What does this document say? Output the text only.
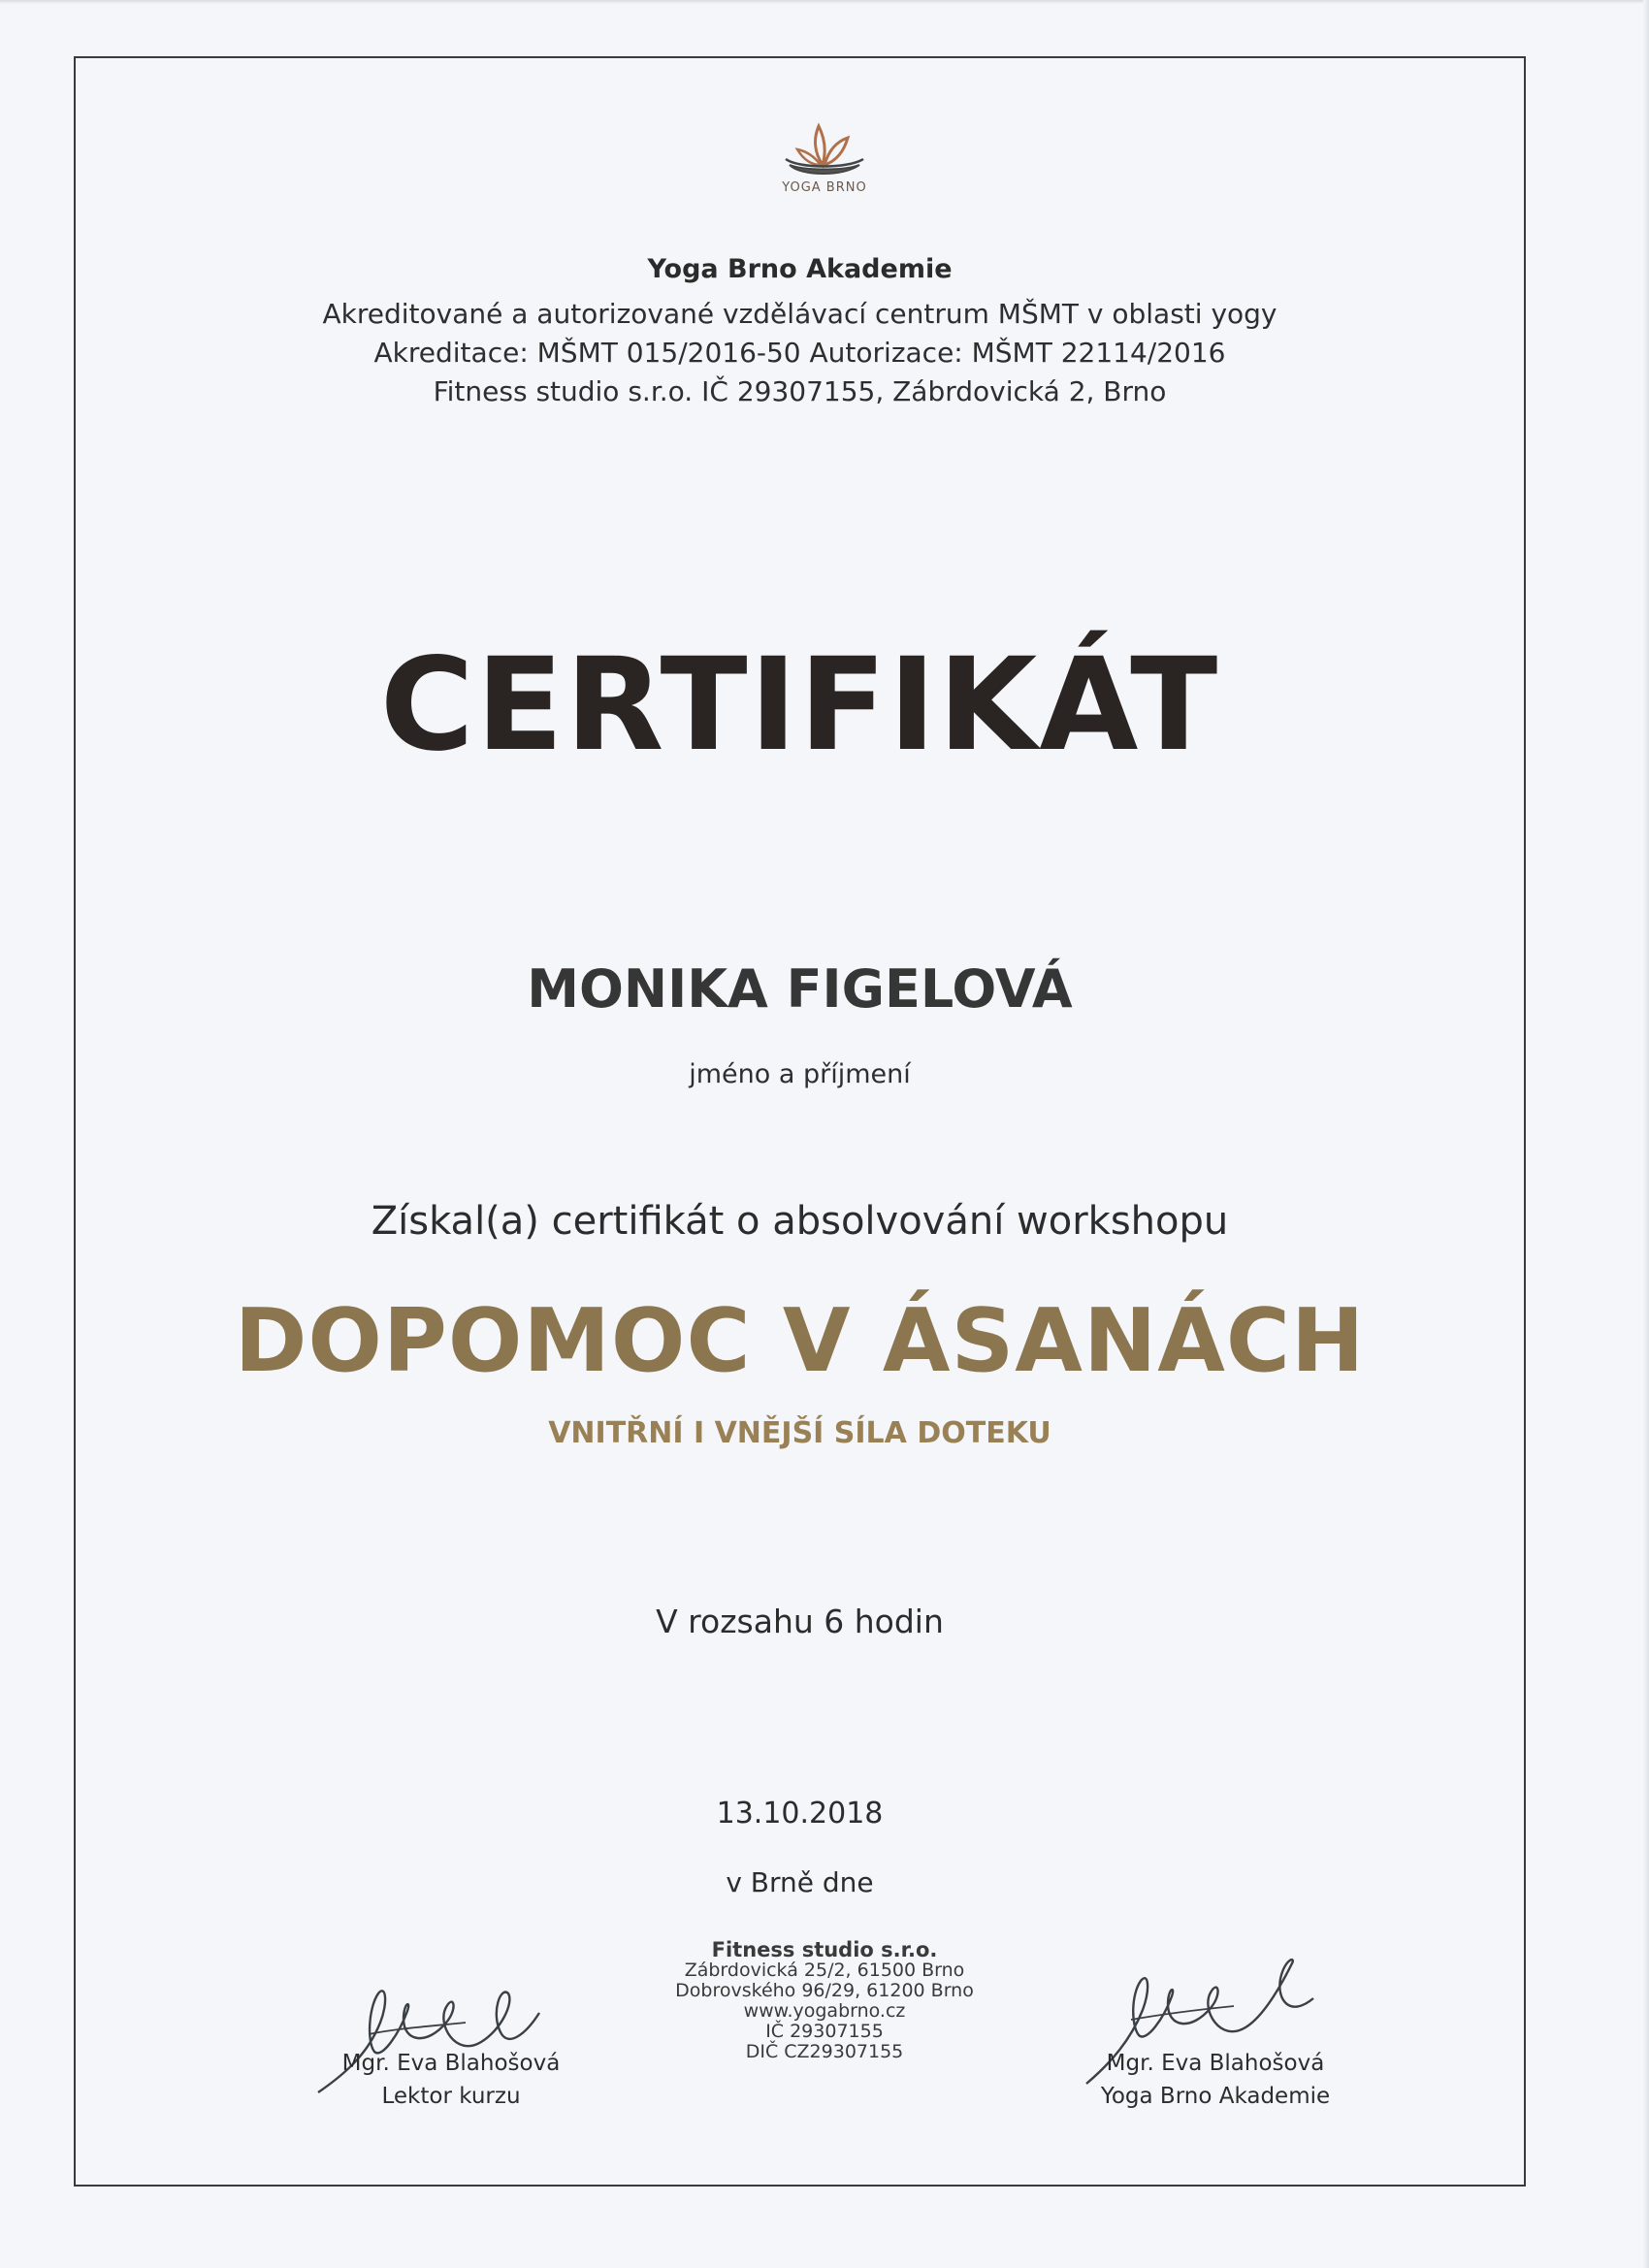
YOGA BRNO
Yoga Brno Akademie
Akreditované a autorizované vzdělávací centrum MŠMT v oblasti yogy
Akreditace: MŠMT 015/2016-50 Autorizace: MŠMT 22114/2016
Fitness studio s.r.o. IČ 29307155, Zábrdovická 2, Brno
CERTIFIKÁT
MONIKA FIGELOVÁ
jméno a příjmení
Získal(a) certifikát o absolvování workshopu
DOPOMOC V ÁSANÁCH
VNITŘNÍ I VNĚJŠÍ SÍLA DOTEKU
V rozsahu 6 hodin
13.10.2018
v Brně dne
Fitness studio s.r.o.
Zábrdovická 25/2, 61500 Brno
Dobrovského 96/29, 61200 Brno
www.yogabrno.cz
IČ 29307155
DIČ CZ29307155
Mgr. Eva Blahošová
Lektor kurzu
Mgr. Eva Blahošová
Yoga Brno Akademie
